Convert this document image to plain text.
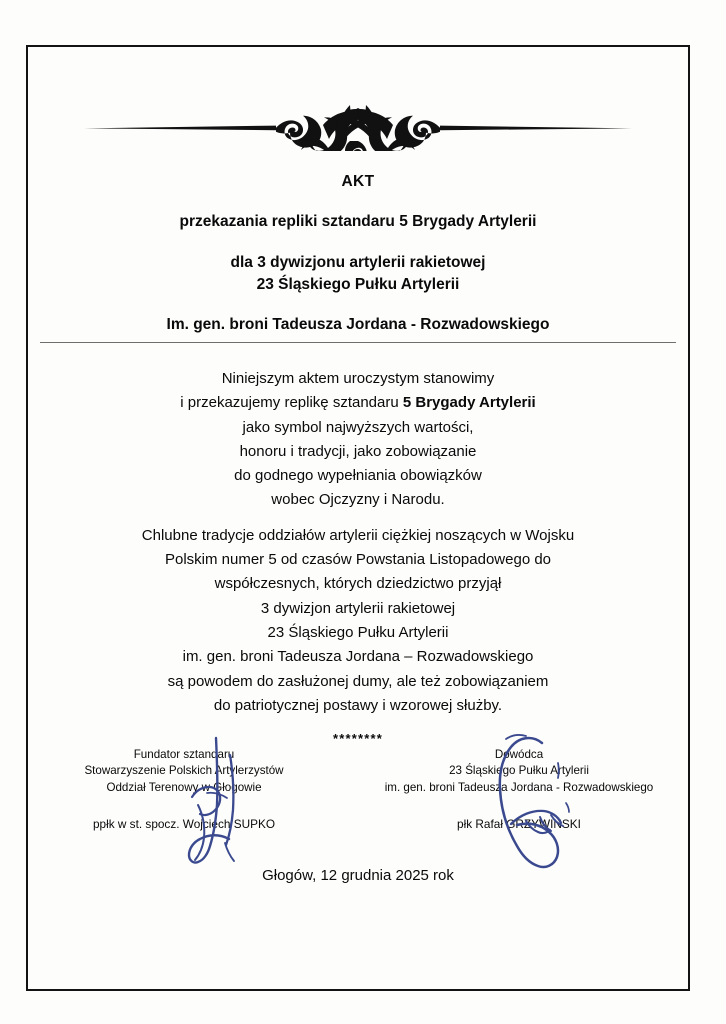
AKT
przekazania repliki sztandaru 5 Brygady Artylerii
dla 3 dywizjonu artylerii rakietowej
23 Śląskiego Pułku Artylerii
Im. gen. broni Tadeusza Jordana - Rozwadowskiego
Niniejszym aktem uroczystym stanowimy
i przekazujemy replikę sztandaru 5 Brygady Artylerii
jako symbol najwyższych wartości,
honoru i tradycji, jako zobowiązanie
do godnego wypełniania obowiązków
wobec Ojczyzny i Narodu.
Chlubne tradycje oddziałów artylerii ciężkiej noszących w Wojsku
Polskim numer 5 od czasów Powstania Listopadowego do
współczesnych, których dziedzictwo przyjął
3 dywizjon artylerii rakietowej
23 Śląskiego Pułku Artylerii
im. gen. broni Tadeusza Jordana – Rozwadowskiego
są powodem do zasłużonej dumy, ale też zobowiązaniem
do patriotycznej postawy i wzorowej służby.
********
Fundator sztandaru
Stowarzyszenie Polskich Artylerzystów
Oddział Terenowy w Głogowie
ppłk w st. spocz. Wojciech SUPKO
Dowódca
23 Śląskiego Pułku Artylerii
im. gen. broni Tadeusza Jordana - Rozwadowskiego
płk Rafał GRZYWIŃSKI
Głogów, 12 grudnia 2025 rok
